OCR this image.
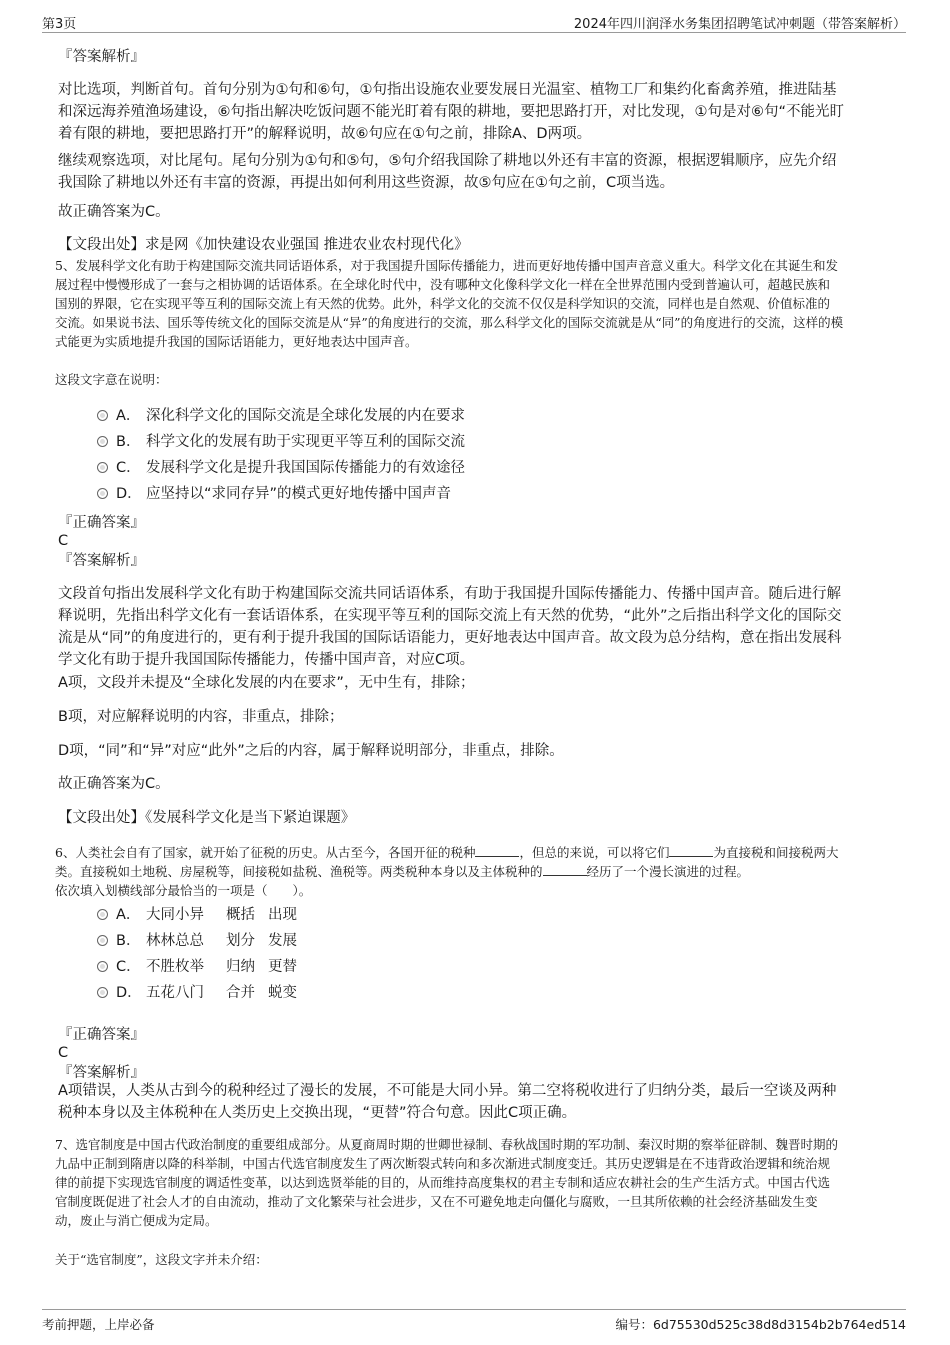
第3页	2024年四川润泽水务集团招聘笔试冲刺题（带答案解析）

『答案解析』

对比选项，判断首句。首句分别为①句和⑥句，①句指出设施农业要发展日光温室、植物工厂和集约化畜禽养殖，推进陆基
和深远海养殖渔场建设，⑥句指出解决吃饭问题不能光盯着有限的耕地，要把思路打开，对比发现，①句是对⑥句“不能光盯
着有限的耕地，要把思路打开”的解释说明，故⑥句应在①句之前，排除A、D两项。
继续观察选项，对比尾句。尾句分别为①句和⑤句，⑤句介绍我国除了耕地以外还有丰富的资源，根据逻辑顺序，应先介绍
我国除了耕地以外还有丰富的资源，再提出如何利用这些资源，故⑤句应在①句之前，C项当选。

故正确答案为C。

【文段出处】求是网《加快建设农业强国 推进农业农村现代化》

5、发展科学文化有助于构建国际交流共同话语体系，对于我国提升国际传播能力，进而更好地传播中国声音意义重大。科学文化在其诞生和发
展过程中慢慢形成了一套与之相协调的话语体系。在全球化时代中，没有哪种文化像科学文化一样在全世界范围内受到普遍认可，超越民族和
国别的界限，它在实现平等互利的国际交流上有天然的优势。此外，科学文化的交流不仅仅是科学知识的交流，同样也是自然观、价值标准的
交流。如果说书法、国乐等传统文化的国际交流是从“异”的角度进行的交流，那么科学文化的国际交流就是从“同”的角度进行的交流，这样的模
式能更为实质地提升我国的国际话语能力，更好地表达中国声音。

这段文字意在说明：

A． 深化科学文化的国际交流是全球化发展的内在要求
B． 科学文化的发展有助于实现更平等互利的国际交流
C． 发展科学文化是提升我国国际传播能力的有效途径
D． 应坚持以“求同存异”的模式更好地传播中国声音

『正确答案』

C

『答案解析』

文段首句指出发展科学文化有助于构建国际交流共同话语体系，有助于我国提升国际传播能力、传播中国声音。随后进行解
释说明，先指出科学文化有一套话语体系，在实现平等互利的国际交流上有天然的优势，“此外”之后指出科学文化的国际交
流是从“同”的角度进行的，更有利于提升我国的国际话语能力，更好地表达中国声音。故文段为总分结构，意在指出发展科
学文化有助于提升我国国际传播能力，传播中国声音，对应C项。

A项，文段并未提及“全球化发展的内在要求”，无中生有，排除；

B项，对应解释说明的内容，非重点，排除；

D项，“同”和“异”对应“此外”之后的内容，属于解释说明部分，非重点，排除。

故正确答案为C。

【文段出处】《发展科学文化是当下紧迫课题》

6、人类社会自有了国家，就开始了征税的历史。从古至今，各国开征的税种	，但总的来说，可以将它们	为直接税和间接税两大
类。直接税如土地税、房屋税等，间接税如盐税、渔税等。两类税种本身以及主体税种的	经历了一个漫长演进的过程。
依次填入划横线部分最恰当的一项是（　　）。
A． 大同小异 概括 出现
B． 林林总总 划分 发展
C． 不胜枚举 归纳 更替
D． 五花八门 合并 蜕变

『正确答案』

C

『答案解析』

A项错误，人类从古到今的税种经过了漫长的发展，不可能是大同小异。第二空将税收进行了归纳分类，最后一空谈及两种
税种本身以及主体税种在人类历史上交换出现，“更替”符合句意。因此C项正确。
7、选官制度是中国古代政治制度的重要组成部分。从夏商周时期的世卿世禄制、春秋战国时期的军功制、秦汉时期的察举征辟制、魏晋时期的
九品中正制到隋唐以降的科举制，中国古代选官制度发生了两次断裂式转向和多次渐进式制度变迁。其历史逻辑是在不违背政治逻辑和统治规
律的前提下实现选官制度的调适性变革，以达到选贤举能的目的，从而维持高度集权的君主专制和适应农耕社会的生产生活方式。中国古代选
官制度既促进了社会人才的自由流动，推动了文化繁荣与社会进步，又在不可避免地走向僵化与腐败，一旦其所依赖的社会经济基础发生变
动，废止与消亡便成为定局。

关于“选官制度”，这段文字并未介绍：

考前押题，上岸必备	编号：6d75530d525c38d8d3154b2b764ed514
